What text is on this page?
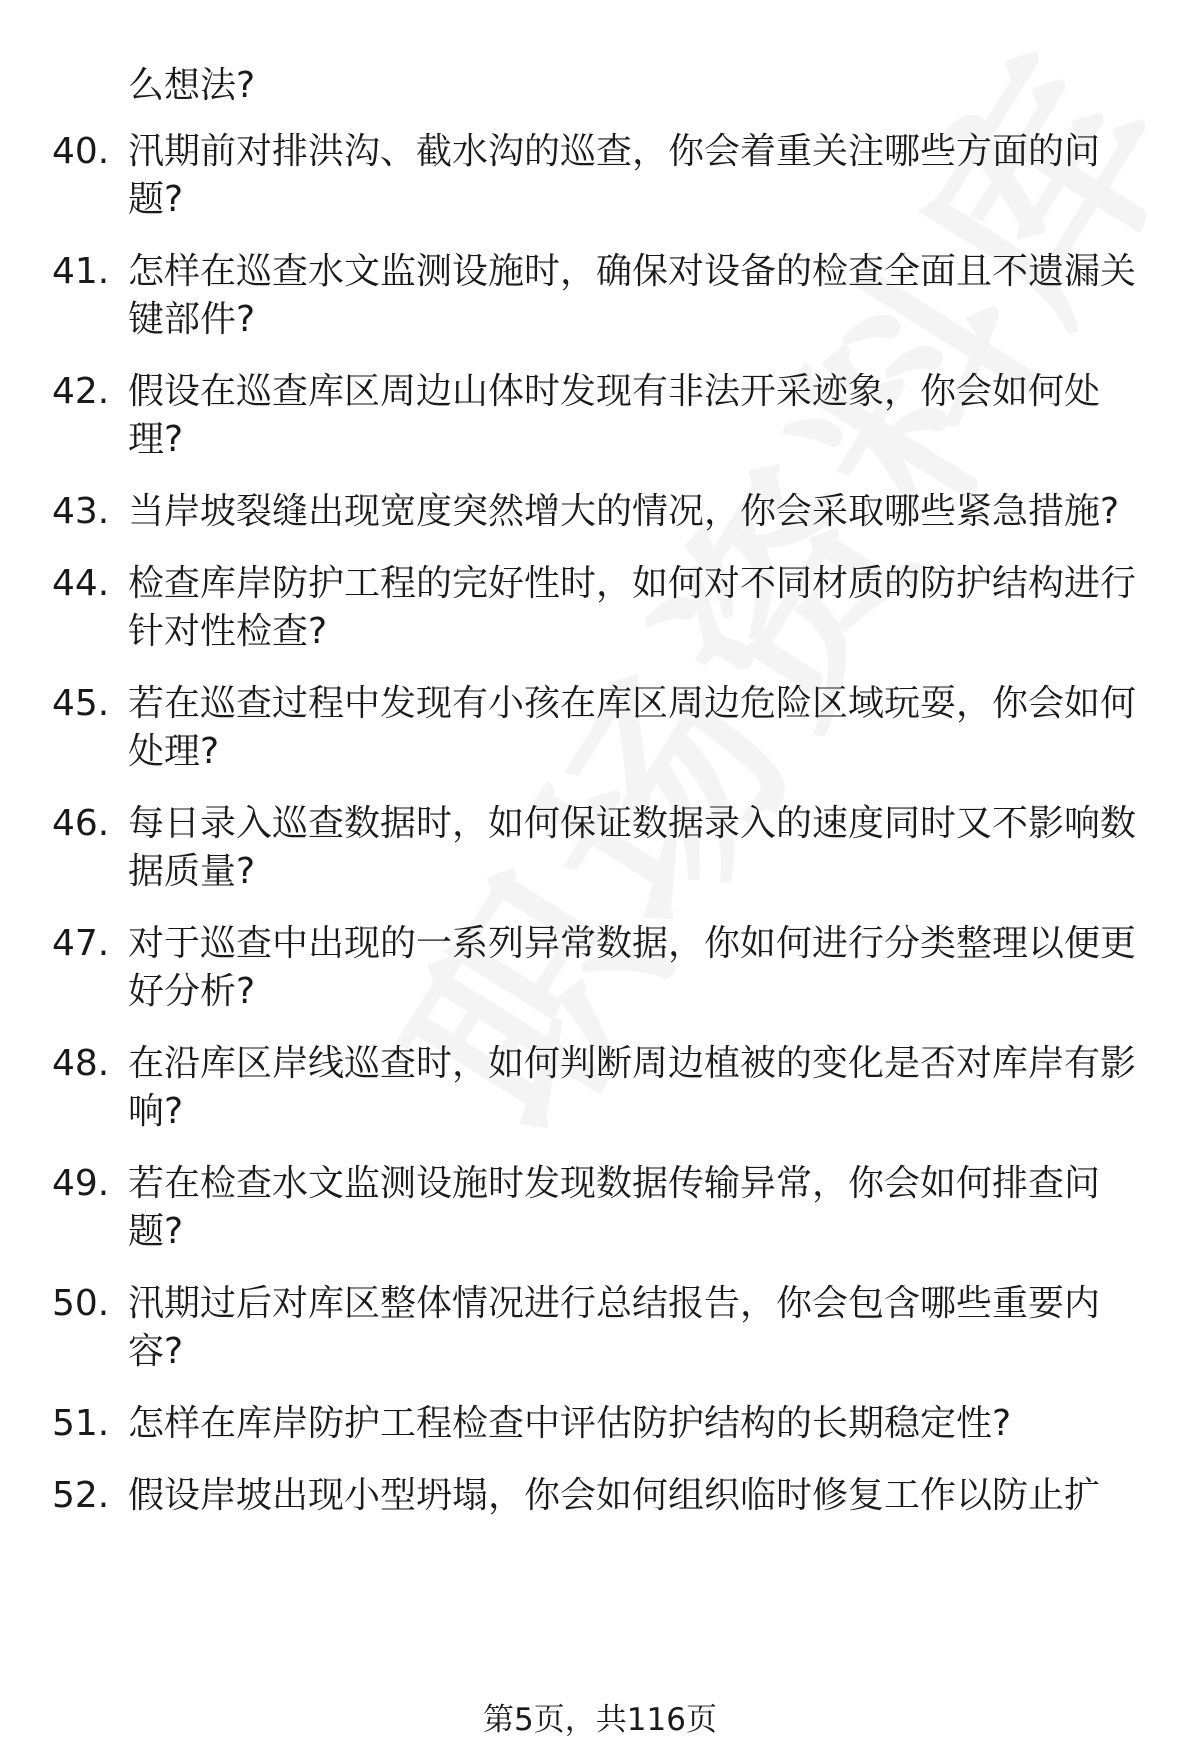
么想法?
40. 汛期前对排洪沟、截水沟的巡查，你会着重关注哪些方面的问题?
41. 怎样在巡查水文监测设施时，确保对设备的检查全面且不遗漏关键部件?
42. 假设在巡查库区周边山体时发现有非法开采迹象，你会如何处理?
43. 当岸坡裂缝出现宽度突然增大的情况，你会采取哪些紧急措施?
44. 检查库岸防护工程的完好性时，如何对不同材质的防护结构进行针对性检查?
45. 若在巡查过程中发现有小孩在库区周边危险区域玩耍，你会如何处理?
46. 每日录入巡查数据时，如何保证数据录入的速度同时又不影响数据质量?
47. 对于巡查中出现的一系列异常数据，你如何进行分类整理以便更好分析?
48. 在沿库区岸线巡查时，如何判断周边植被的变化是否对库岸有影响?
49. 若在检查水文监测设施时发现数据传输异常，你会如何排查问题?
50. 汛期过后对库区整体情况进行总结报告，你会包含哪些重要内容?
51. 怎样在库岸防护工程检查中评估防护结构的长期稳定性?
52. 假设岸坡出现小型坍塌，你会如何组织临时修复工作以防止扩
第5页，共116页
